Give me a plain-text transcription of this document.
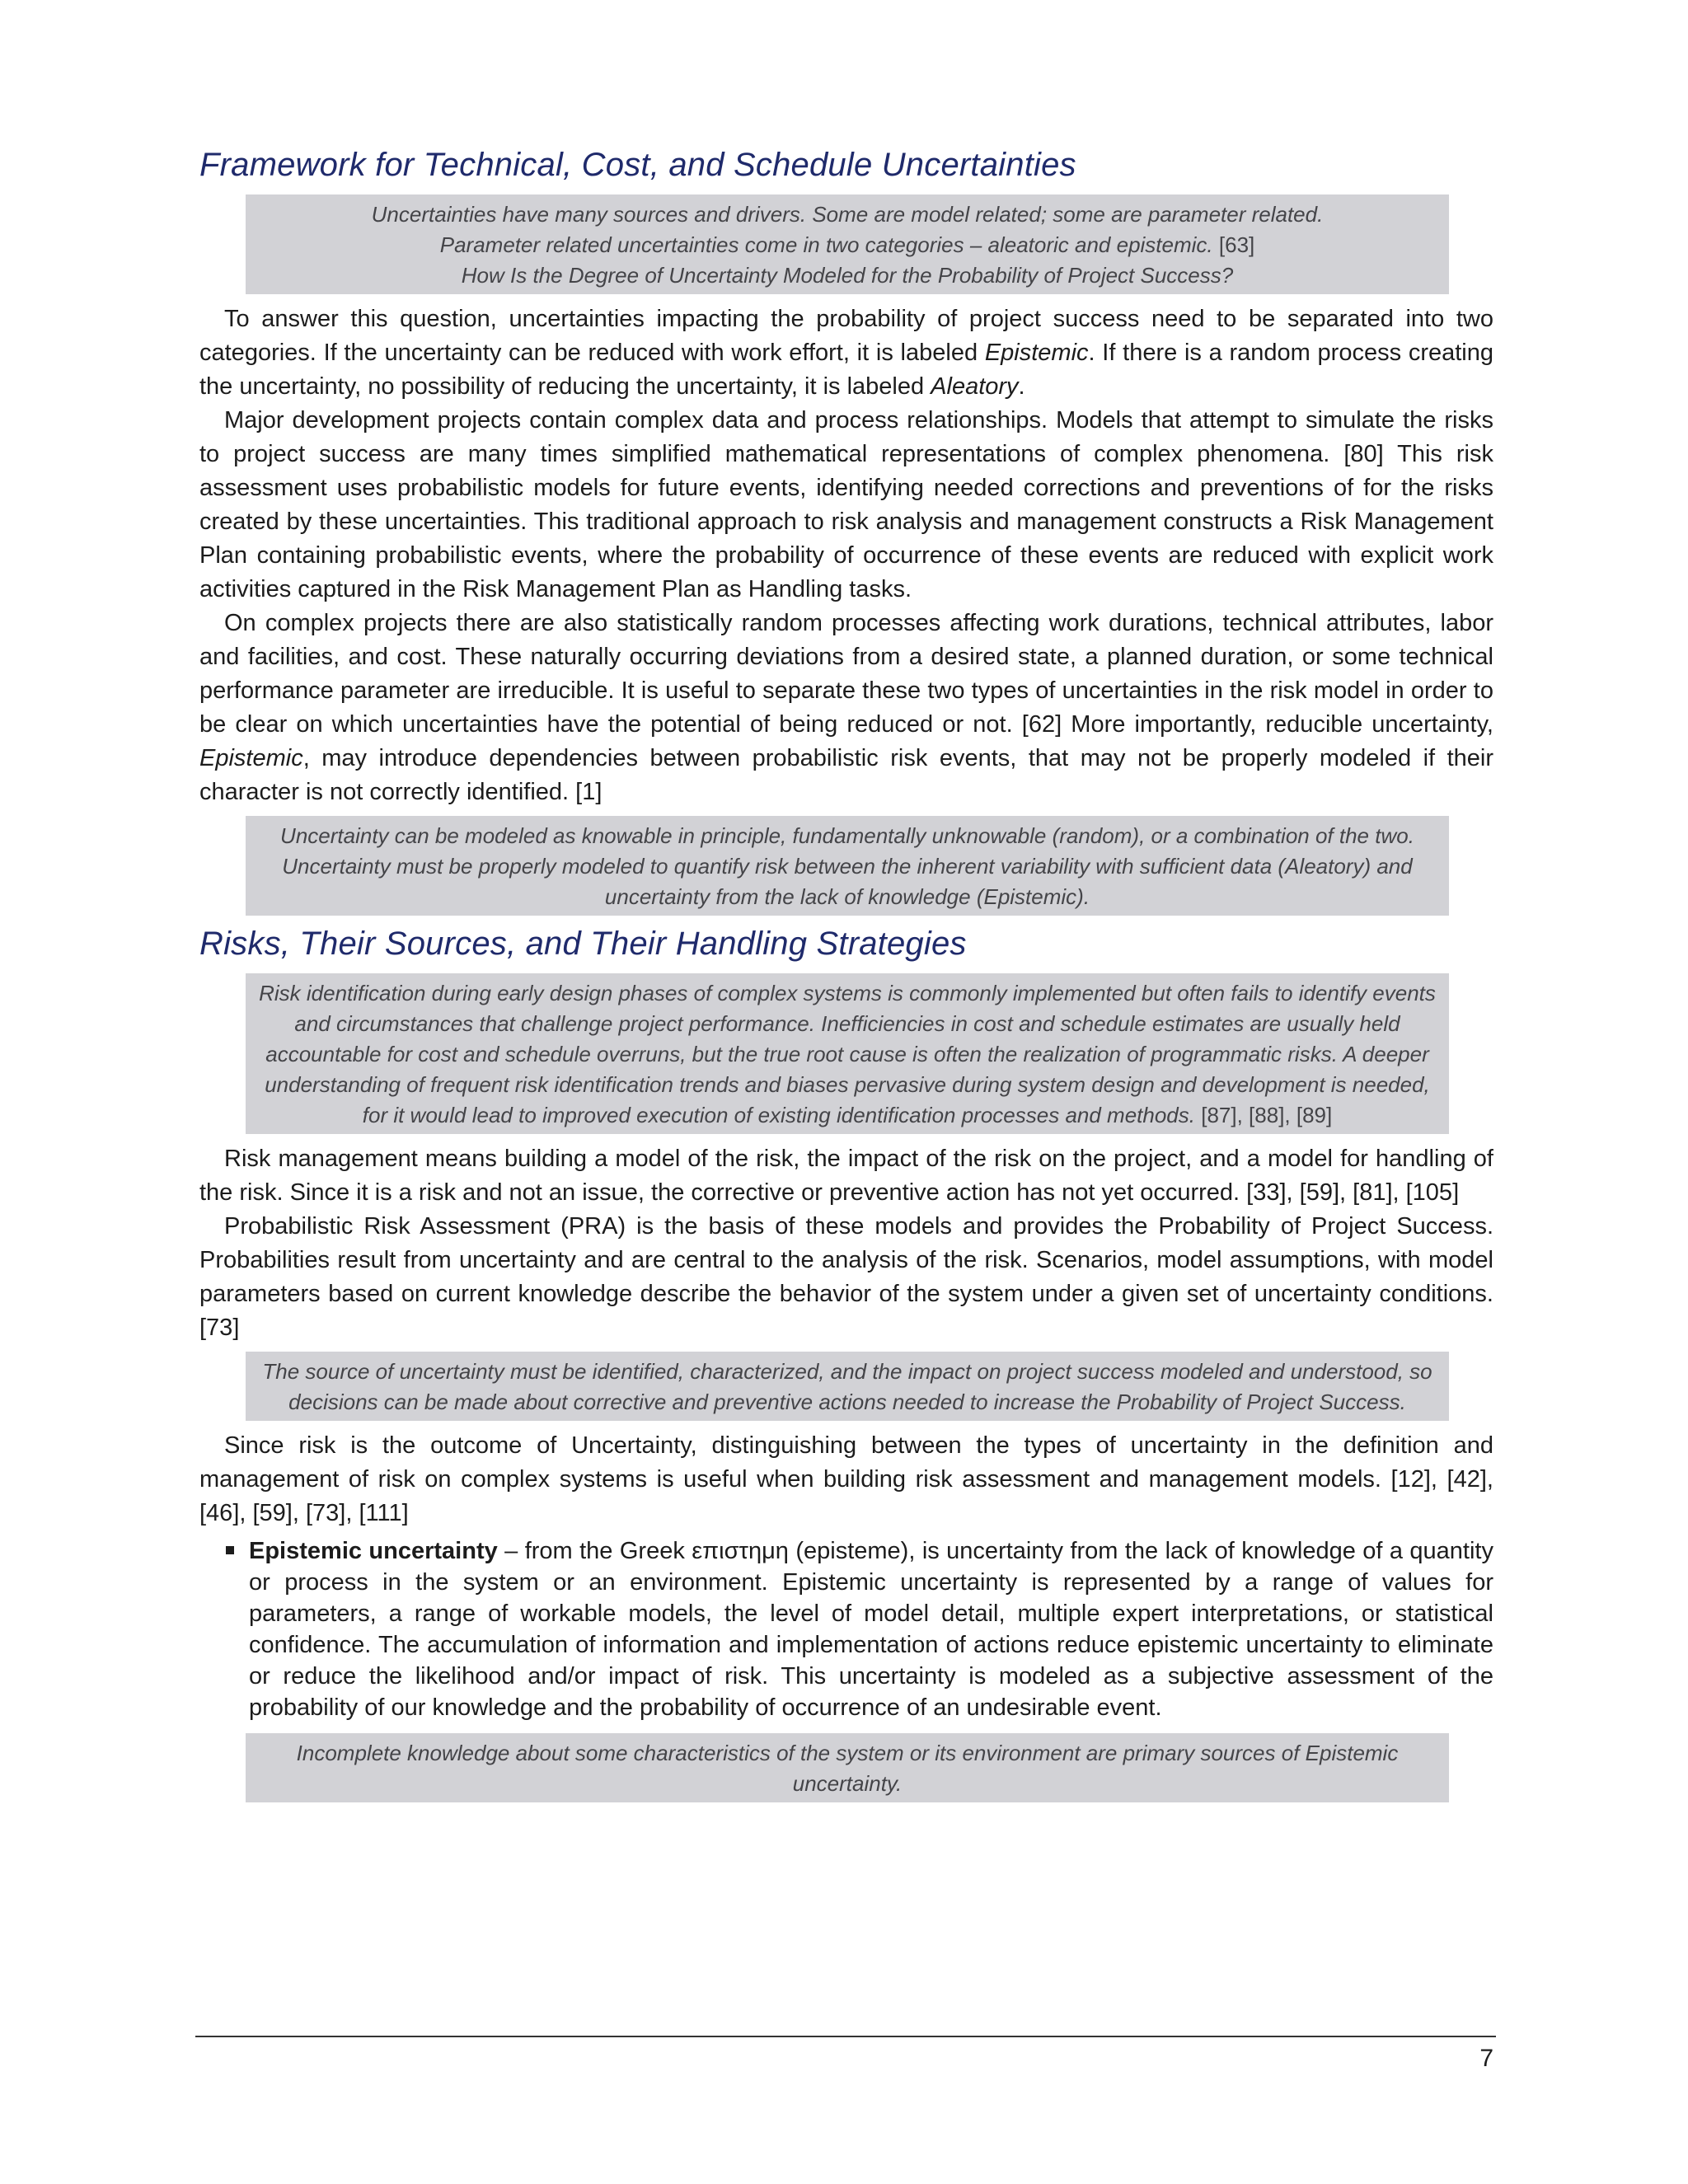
Framework for Technical, Cost, and Schedule Uncertainties
Uncertainties have many sources and drivers. Some are model related; some are parameter related.
Parameter related uncertainties come in two categories – aleatoric and epistemic. [63]
How Is the Degree of Uncertainty Modeled for the Probability of Project Success?

To answer this question, uncertainties impacting the probability of project success need to be separated into two categories. If the uncertainty can be reduced with work effort, it is labeled Epistemic. If there is a random process creating the uncertainty, no possibility of reducing the uncertainty, it is labeled Aleatory.

Major development projects contain complex data and process relationships. Models that attempt to simulate the risks to project success are many times simplified mathematical representations of complex phenomena. [80] This risk assessment uses probabilistic models for future events, identifying needed corrections and preventions of for the risks created by these uncertainties. This traditional approach to risk analysis and management constructs a Risk Management Plan containing probabilistic events, where the probability of occurrence of these events are reduced with explicit work activities captured in the Risk Management Plan as Handling tasks.

On complex projects there are also statistically random processes affecting work durations, technical attributes, labor and facilities, and cost. These naturally occurring deviations from a desired state, a planned duration, or some technical performance parameter are irreducible. It is useful to separate these two types of uncertainties in the risk model in order to be clear on which uncertainties have the potential of being reduced or not. [62] More importantly, reducible uncertainty, Epistemic, may introduce dependencies between probabilistic risk events, that may not be properly modeled if their character is not correctly identified. [1]

Uncertainty can be modeled as knowable in principle, fundamentally unknowable (random), or a combination of the two.
Uncertainty must be properly modeled to quantify risk between the inherent variability with sufficient data (Aleatory) and uncertainty from the lack of knowledge (Epistemic).
Risks, Their Sources, and Their Handling Strategies
Risk identification during early design phases of complex systems is commonly implemented but often fails to identify events and circumstances that challenge project performance. Inefficiencies in cost and schedule estimates are usually held accountable for cost and schedule overruns, but the true root cause is often the realization of programmatic risks. A deeper understanding of frequent risk identification trends and biases pervasive during system design and development is needed, for it would lead to improved execution of existing identification processes and methods. [87], [88], [89]

Risk management means building a model of the risk, the impact of the risk on the project, and a model for handling of the risk. Since it is a risk and not an issue, the corrective or preventive action has not yet occurred. [33], [59], [81], [105]

Probabilistic Risk Assessment (PRA) is the basis of these models and provides the Probability of Project Success. Probabilities result from uncertainty and are central to the analysis of the risk. Scenarios, model assumptions, with model parameters based on current knowledge describe the behavior of the system under a given set of uncertainty conditions. [73]

The source of uncertainty must be identified, characterized, and the impact on project success modeled and understood, so decisions can be made about corrective and preventive actions needed to increase the Probability of Project Success.

Since risk is the outcome of Uncertainty, distinguishing between the types of uncertainty in the definition and management of risk on complex systems is useful when building risk assessment and management models. [12], [42], [46], [59], [73], [111]

Epistemic uncertainty – from the Greek επιστημη (episteme), is uncertainty from the lack of knowledge of a quantity or process in the system or an environment. Epistemic uncertainty is represented by a range of values for parameters, a range of workable models, the level of model detail, multiple expert interpretations, or statistical confidence. The accumulation of information and implementation of actions reduce epistemic uncertainty to eliminate or reduce the likelihood and/or impact of risk. This uncertainty is modeled as a subjective assessment of the probability of our knowledge and the probability of occurrence of an undesirable event.
Incomplete knowledge about some characteristics of the system or its environment are primary sources of Epistemic uncertainty.
7
